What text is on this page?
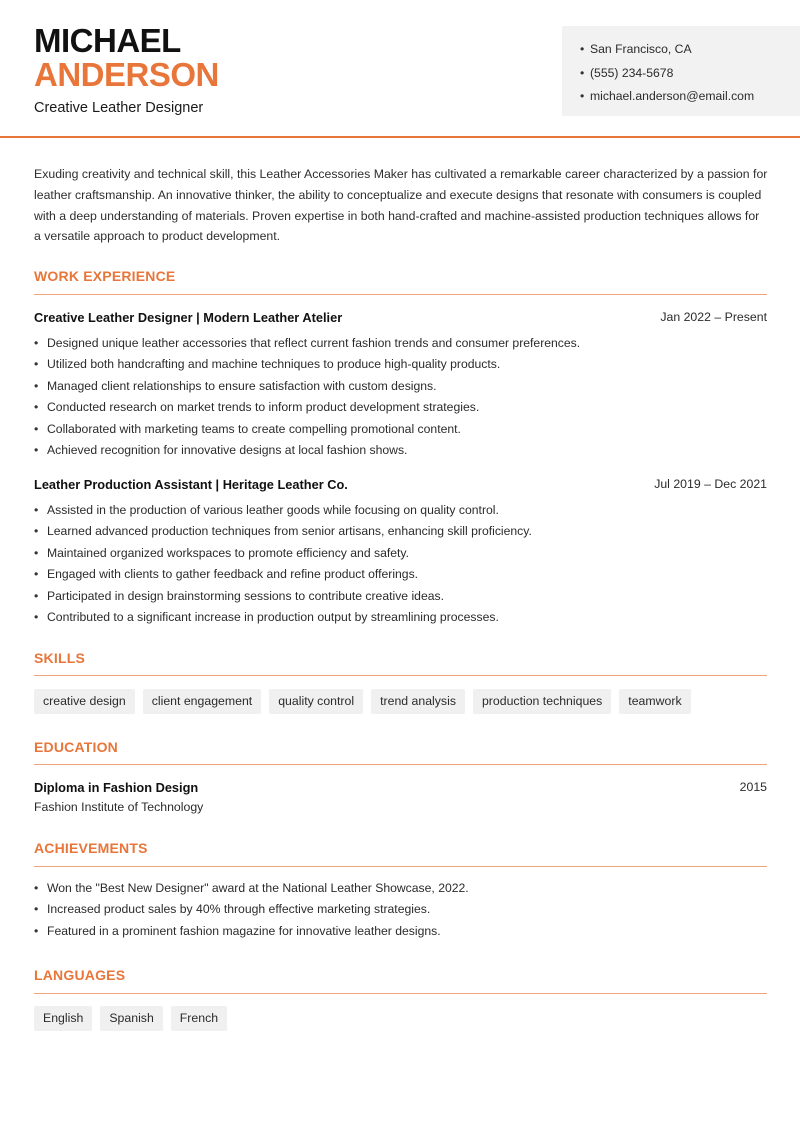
MICHAEL
ANDERSON
Creative Leather Designer
• San Francisco, CA
• (555) 234-5678
• michael.anderson@email.com

Exuding creativity and technical skill, this Leather Accessories Maker has cultivated a remarkable career characterized by a passion for leather craftsmanship. An innovative thinker, the ability to conceptualize and execute designs that resonate with consumers is coupled with a deep understanding of materials. Proven expertise in both hand-crafted and machine-assisted production techniques allows for a versatile approach to product development.

WORK EXPERIENCE
Creative Leather Designer | Modern Leather Atelier	Jan 2022 – Present
• Designed unique leather accessories that reflect current fashion trends and consumer preferences.
• Utilized both handcrafting and machine techniques to produce high-quality products.
• Managed client relationships to ensure satisfaction with custom designs.
• Conducted research on market trends to inform product development strategies.
• Collaborated with marketing teams to create compelling promotional content.
• Achieved recognition for innovative designs at local fashion shows.
Leather Production Assistant | Heritage Leather Co.	Jul 2019 – Dec 2021
• Assisted in the production of various leather goods while focusing on quality control.
• Learned advanced production techniques from senior artisans, enhancing skill proficiency.
• Maintained organized workspaces to promote efficiency and safety.
• Engaged with clients to gather feedback and refine product offerings.
• Participated in design brainstorming sessions to contribute creative ideas.
• Contributed to a significant increase in production output by streamlining processes.
SKILLS
creative design	client engagement	quality control	trend analysis	production techniques	teamwork
EDUCATION
Diploma in Fashion Design	2015
Fashion Institute of Technology
ACHIEVEMENTS
• Won the "Best New Designer" award at the National Leather Showcase, 2022.
• Increased product sales by 40% through effective marketing strategies.
• Featured in a prominent fashion magazine for innovative leather designs.
LANGUAGES
English	Spanish	French
